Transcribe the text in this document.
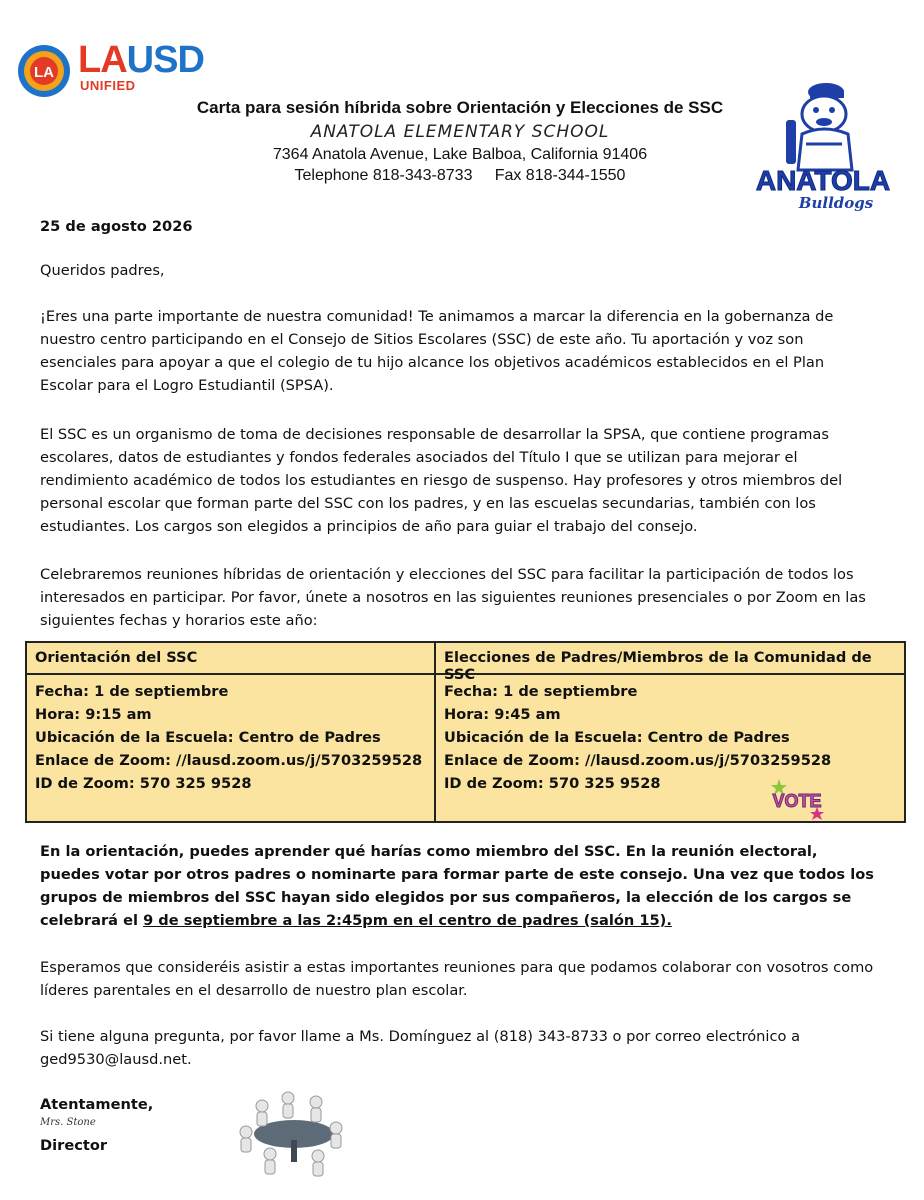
LA LAUSD
UNIFIED
Carta para sesión híbrida sobre Orientación y Elecciones de SSC
ANATOLA ELEMENTARY SCHOOL
7364 Anatola Avenue, Lake Balboa, California 91406
Telephone 818-343-8733     Fax 818-344-1550	ANATOLA
Bulldogs
25 de agosto 2026
Queridos padres,
¡Eres una parte importante de nuestra comunidad! Te animamos a marcar la diferencia en la gobernanza de nuestro centro participando en el Consejo de Sitios Escolares (SSC) de este año. Tu aportación y voz son esenciales para apoyar a que el colegio de tu hijo alcance los objetivos académicos establecidos en el Plan Escolar para el Logro Estudiantil (SPSA).
El SSC es un organismo de toma de decisiones responsable de desarrollar la SPSA, que contiene programas escolares, datos de estudiantes y fondos federales asociados del Título I que se utilizan para mejorar el rendimiento académico de todos los estudiantes en riesgo de suspenso. Hay profesores y otros miembros del personal escolar que forman parte del SSC con los padres, y en las escuelas secundarias, también con los estudiantes. Los cargos son elegidos a principios de año para guiar el trabajo del consejo.
Celebraremos reuniones híbridas de orientación y elecciones del SSC para facilitar la participación de todos los interesados en participar. Por favor, únete a nosotros en las siguientes reuniones presenciales o por Zoom en las siguientes fechas y horarios este año:
Orientación del SSC	Elecciones de Padres/Miembros de la Comunidad de SSC
Fecha: 1 de septiembre
Hora: 9:15 am
Ubicación de la Escuela: Centro de Padres
Enlace de Zoom: //lausd.zoom.us/j/5703259528
ID de Zoom: 570 325 9528
Fecha: 1 de septiembre
Hora: 9:45 am
Ubicación de la Escuela: Centro de Padres
Enlace de Zoom: //lausd.zoom.us/j/5703259528
ID de Zoom: 570 325 9528
VOTE
En la orientación, puedes aprender qué harías como miembro del SSC. En la reunión electoral, puedes votar por otros padres o nominarte para formar parte de este consejo. Una vez que todos los grupos de miembros del SSC hayan sido elegidos por sus compañeros, la elección de los cargos se celebrará el 9 de septiembre a las 2:45pm en el centro de padres (salón 15).
Esperamos que consideréis asistir a estas importantes reuniones para que podamos colaborar con vosotros como líderes parentales en el desarrollo de nuestro plan escolar.
Si tiene alguna pregunta, por favor llame a Ms. Domínguez al (818) 343-8733 o por correo electrónico a ged9530@lausd.net.
Atentamente,
Mrs. Stone
Director
